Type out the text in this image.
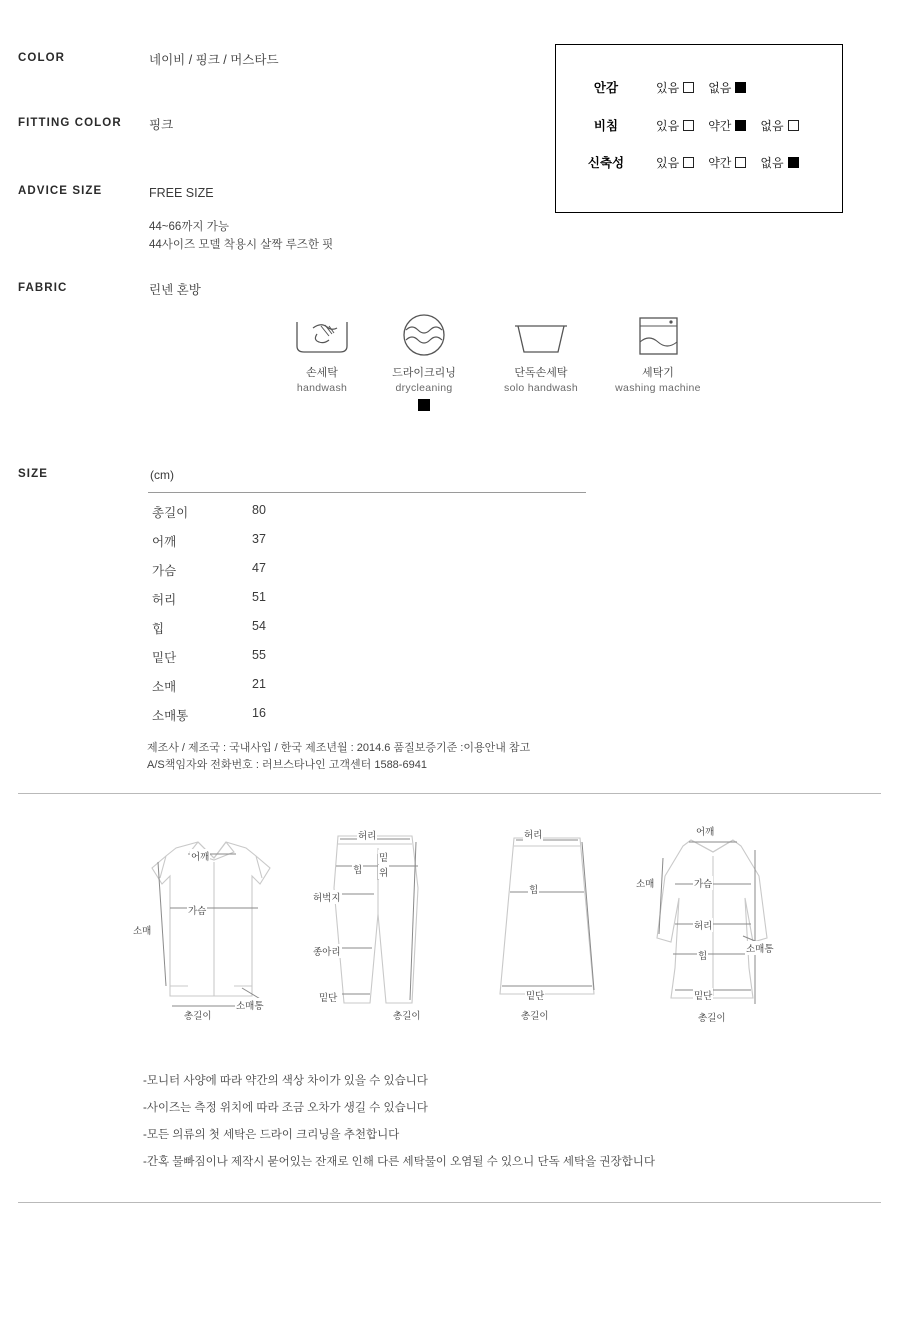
COLOR	네이비 / 핑크 / 머스타드
FITTING COLOR 핑크
ADVICE SIZE	FREE SIZE
44~66까지 가능
44사이즈 모델 착용시 살짝 루즈한 핏
FABRIC	린넨 혼방
안감	있음 없음
비침	있음 약간 없음
신축성	있음 약간 없음
손세탁
handwash
드라이크리닝
drycleaning
단독손세탁
solo handwash
세탁기
washing machine
SIZE	(cm)
총길이	80
어깨	37
가슴	47
허리	51
힙	54
밑단	55
소매	21
소매통	16
제조사 / 제조국 : 국내사입 / 한국 제조년월 : 2014.6 품질보증기준 :이용안내 참고
A/S책임자와 전화번호 : 러브스타나인 고객센터 1588-6941
어깨
가슴
소매
총길이
소매통
허리
밑
위
힙
허벅지
종아리
밑단
총길이
허리
힙
밑단
총길이
어깨
소매	가슴
허리
힙
소매통
밑단
총길이
-모니터 사양에 따라 약간의 색상 차이가 있을 수 있습니다
-사이즈는 측정 위치에 따라 조금 오차가 생길 수 있습니다
-모든 의류의 첫 세탁은 드라이 크리닝을 추천합니다
-간혹 물빠짐이나 제작시 묻어있는 잔재로 인해 다른 세탁물이 오염될 수 있으니 단독 세탁을 권장합니다
